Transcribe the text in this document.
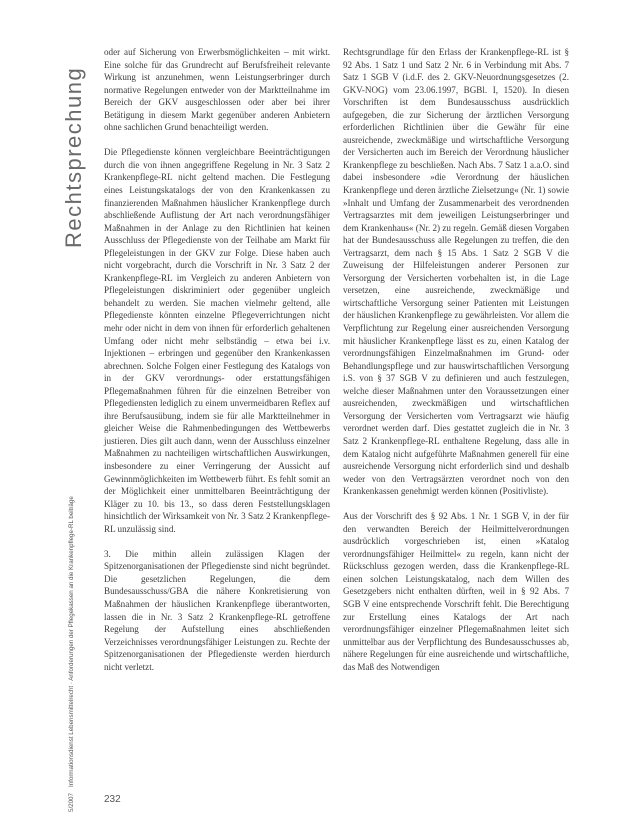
Rechtsprechung
5/2007
Informationsdienst Lebensmittelrecht · Anforderungen der Pflegekassen an die Krankenpflege-RL beiträge

oder auf Sicherung von Erwerbsmöglichkeiten – mit wirkt. Eine solche für das Grundrecht auf Berufsfreiheit relevante Wirkung ist anzunehmen, wenn Leistungserbringer durch normative Regelungen entweder von der Marktteilnahme im Bereich der GKV ausgeschlossen oder aber bei ihrer Betätigung in diesem Markt gegenüber anderen Anbietern ohne sachlichen Grund benachteiligt werden.

Die Pflegedienste können vergleichbare Beeinträchtigungen durch die von ihnen angegriffene Regelung in Nr. 3 Satz 2 Krankenpflege-RL nicht geltend machen. Die Festlegung eines Leistungskatalogs der von den Krankenkassen zu finanzierenden Maßnahmen häuslicher Krankenpflege durch abschließende Auflistung der Art nach verordnungsfähiger Maßnahmen in der Anlage zu den Richtlinien hat keinen Ausschluss der Pflegedienste von der Teilhabe am Markt für Pflegeleistungen in der GKV zur Folge. Diese haben auch nicht vorgebracht, durch die Vorschrift in Nr. 3 Satz 2 der Krankenpflege-RL im Vergleich zu anderen Anbietern von Pflegeleistungen diskriminiert oder gegenüber ungleich behandelt zu werden. Sie machen vielmehr geltend, alle Pflegedienste könnten einzelne Pflegeverrichtungen nicht mehr oder nicht in dem von ihnen für erforderlich gehaltenen Umfang oder nicht mehr selbständig – etwa bei i.v. Injektionen – erbringen und gegenüber den Krankenkassen abrechnen. Solche Folgen einer Festlegung des Katalogs von in der GKV verordnungs- oder erstattungsfähigen Pflegemaßnahmen führen für die einzelnen Betreiber von Pflegediensten lediglich zu einem unvermeidbaren Reflex auf ihre Berufsausübung, indem sie für alle Marktteilnehmer in gleicher Weise die Rahmenbedingungen des Wettbewerbs justieren. Dies gilt auch dann, wenn der Ausschluss einzelner Maßnahmen zu nachteiligen wirtschaftlichen Auswirkungen, insbesondere zu einer Verringerung der Aussicht auf Gewinnmöglichkeiten im Wettbewerb führt. Es fehlt somit an der Möglichkeit einer unmittelbaren Beeinträchtigung der Kläger zu 10. bis 13., so dass deren Feststellungsklagen hinsichtlich der Wirksamkeit von Nr. 3 Satz 2 Krankenpflege-RL unzulässig sind.

3. Die mithin allein zulässigen Klagen der Spitzenorganisationen der Pflegedienste sind nicht begründet. Die gesetzlichen Regelungen, die dem Bundesausschuss/GBA die nähere Konkretisierung von Maßnahmen der häuslichen Krankenpflege überantworten, lassen die in Nr. 3 Satz 2 Krankenpflege-RL getroffene Regelung der Aufstellung eines abschließenden Verzeichnisses verordnungsfähiger Leistungen zu. Rechte der Spitzenorganisationen der Pflegedienste werden hierdurch nicht verletzt.

Rechtsgrundlage für den Erlass der Krankenpflege-RL ist § 92 Abs. 1 Satz 1 und Satz 2 Nr. 6 in Verbindung mit Abs. 7 Satz 1 SGB V (i.d.F. des 2. GKV-Neuordnungsgesetzes (2. GKV-NOG) vom 23.06.1997, BGBl. I, 1520). In diesen Vorschriften ist dem Bundesausschuss ausdrücklich aufgegeben, die zur Sicherung der ärztlichen Versorgung erforderlichen Richtlinien über die Gewähr für eine ausreichende, zweckmäßige und wirtschaftliche Versorgung der Versicherten auch im Bereich der Verordnung häuslicher Krankenpflege zu beschließen. Nach Abs. 7 Satz 1 a.a.O. sind dabei insbesondere »die Verordnung der häuslichen Krankenpflege und deren ärztliche Zielsetzung« (Nr. 1) sowie »Inhalt und Umfang der Zusammenarbeit des verordnenden Vertragsarztes mit dem jeweiligen Leistungserbringer und dem Krankenhaus« (Nr. 2) zu regeln. Gemäß diesen Vorgaben hat der Bundesausschuss alle Regelungen zu treffen, die den Vertragsarzt, dem nach § 15 Abs. 1 Satz 2 SGB V die Zuweisung der Hilfeleistungen anderer Personen zur Versorgung der Versicherten vorbehalten ist, in die Lage versetzen, eine ausreichende, zweckmäßige und wirtschaftliche Versorgung seiner Patienten mit Leistungen der häuslichen Krankenpflege zu gewährleisten. Vor allem die Verpflichtung zur Regelung einer ausreichenden Versorgung mit häuslicher Krankenpflege lässt es zu, einen Katalog der verordnungsfähigen Einzelmaßnahmen im Grund- oder Behandlungspflege und zur hauswirtschaftlichen Versorgung i.S. von § 37 SGB V zu definieren und auch festzulegen, welche dieser Maßnahmen unter den Voraussetzungen einer ausreichenden, zweckmäßigen und wirtschaftlichen Versorgung der Versicherten vom Vertragsarzt wie häufig verordnet werden darf. Dies gestattet zugleich die in Nr. 3 Satz 2 Krankenpflege-RL enthaltene Regelung, dass alle in dem Katalog nicht aufgeführte Maßnahmen generell für eine ausreichende Versorgung nicht erforderlich sind und deshalb weder von den Vertragsärzten verordnet noch von den Krankenkassen genehmigt werden können (Positivliste).

Aus der Vorschrift des § 92 Abs. 1 Nr. 1 SGB V, in der für den verwandten Bereich der Heilmittelverordnungen ausdrücklich vorgeschrieben ist, einen »Katalog verordnungsfähiger Heilmittel« zu regeln, kann nicht der Rückschluss gezogen werden, dass die Krankenpflege-RL einen solchen Leistungskatalog, nach dem Willen des Gesetzgebers nicht enthalten dürften, weil in § 92 Abs. 7 SGB V eine entsprechende Vorschrift fehlt. Die Berechtigung zur Erstellung eines Katalogs der Art nach verordnungsfähiger einzelner Pflegemaßnahmen leitet sich unmittelbar aus der Verpflichtung des Bundesausschusses ab, nähere Regelungen für eine ausreichende und wirtschaftliche, das Maß des Notwendigen

232
